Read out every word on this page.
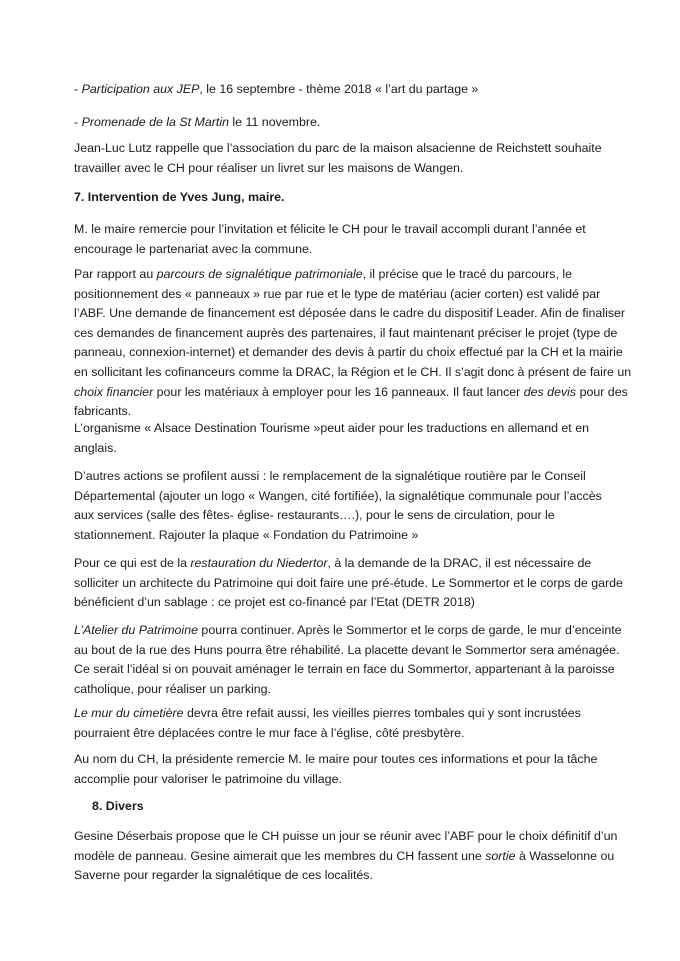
- Participation aux JEP, le 16 septembre - thème 2018 « l’art du partage »
- Promenade de la St Martin le 11 novembre.
Jean-Luc Lutz rappelle que l’association du parc de la maison alsacienne de Reichstett souhaite
travailler avec le CH pour réaliser un livret sur les maisons de Wangen.
7. Intervention de Yves Jung, maire.
M. le maire remercie pour l’invitation et félicite le CH pour le travail accompli durant l’année et
encourage le partenariat avec la commune.
Par rapport au parcours de signalétique patrimoniale, il précise que le tracé du parcours, le
positionnement des « panneaux » rue par rue et le type de matériau (acier corten) est validé par
l’ABF. Une demande de financement est déposée dans le cadre du dispositif Leader. Afin de finaliser
ces demandes de financement auprès des partenaires, il faut maintenant préciser le projet (type de
panneau, connexion-internet) et demander des devis à partir du choix effectué par la CH et la mairie
en sollicitant les cofinanceurs comme la DRAC, la Région et le CH. Il s’agit donc à présent de faire un
choix financier pour les matériaux à employer pour les 16 panneaux. Il faut lancer des devis pour des
fabricants.
L’organisme « Alsace Destination Tourisme »peut aider pour les traductions en allemand et en
anglais.
D’autres actions se profilent aussi : le remplacement de la signalétique routière par le Conseil
Départemental (ajouter un logo « Wangen, cité fortifiée), la signalétique communale pour l’accès
aux services (salle des fêtes- église- restaurants….), pour le sens de circulation, pour le
stationnement. Rajouter la plaque « Fondation du Patrimoine »
Pour ce qui est de la restauration du Niedertor, à la demande de la DRAC, il est nécessaire de
solliciter un architecte du Patrimoine qui doit faire une pré-étude. Le Sommertor et le corps de garde
bénéficient d’un sablage : ce projet est co-financé par l’Etat (DETR 2018)
L’Atelier du Patrimoine pourra continuer. Après le Sommertor et le corps de garde, le mur d’enceinte
au bout de la rue des Huns pourra être réhabilité. La placette devant le Sommertor sera aménagée.
Ce serait l’idéal si on pouvait aménager le terrain en face du Sommertor, appartenant à la paroisse
catholique, pour réaliser un parking.
Le mur du cimetière devra être refait aussi, les vieilles pierres tombales qui y sont incrustées
pourraient être déplacées contre le mur face à l’église, côté presbytère.
Au nom du CH, la présidente remercie M. le maire pour toutes ces informations et pour la tâche
accomplie pour valoriser le patrimoine du village.
8. Divers
Gesine Déserbais propose que le CH puisse un jour se réunir avec l’ABF pour le choix définitif d’un
modèle de panneau. Gesine aimerait que les membres du CH fassent une sortie à Wasselonne ou
Saverne pour regarder la signalétique de ces localités.
